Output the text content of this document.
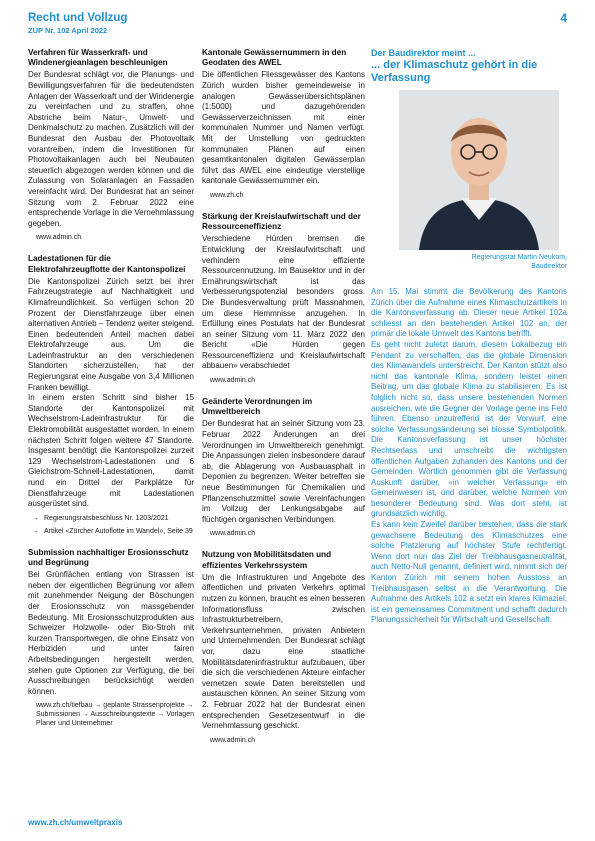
Recht und Vollzug
ZUP Nr. 102 April 2022
4
Verfahren für Wasserkraft- und Windenergieanlagen beschleunigen

Der Bundesrat schlägt vor, die Planungs- und Bewilligungsverfahren für die bedeutendsten Anlagen der Wasserkraft und der Windenergie zu vereinfachen und zu straffen, ohne Abstriche beim Natur-, Umwelt- und Denkmalschutz zu machen. Zusätzlich will der Bundesrat den Ausbau der Photovoltaik vorantreiben, indem die Investitionen für Photovoltaikanlagen auch bei Neubauten steuerlich abgezogen werden können und die Zulassung von Solaranlagen an Fassaden vereinfacht wird. Der Bundesrat hat an seiner Sitzung vom 2. Februar 2022 eine entsprechende Vorlage in die Vernehmlassung gegeben.

www.admin.ch
Ladestationen für die Elektrofahrzeugflotte der Kantonspolizei

Die Kantonspolizei Zürich setzt bei ihrer Fahrzeugstrategie auf Nachhaltigkeit und Klimafreundlichkeit. So verfügen schon 20 Prozent der Dienstfahrzeuge über einen alternativen Antrieb – Tendenz weiter steigend. Einen bedeutenden Anteil machen dabei Elektrofahrzeuge aus. Um die Ladeinfrastruktur an den verschiedenen Standorten sicherzustellen, hat der Regierungsrat eine Ausgabe von 3,4 Millionen Franken bewilligt.

In einem ersten Schritt sind bisher 15 Standorte der Kantonspolizei mit Wechselstrom-Ladeinfrastruktur für die Elektromobilität ausgestattet worden. In einem nächsten Schritt folgen weitere 47 Standorte. Insgesamt benötigt die Kantonspolizei zurzeit 129 Wechselstrom-Ladestationen und 6 Gleichstrom-Schnell-Ladestationen, damit rund ein Drittel der Parkplätze für Dienstfahrzeuge mit Ladestationen ausgerüstet sind.

→ Regierungsratsbeschluss Nr. 1203/2021
→ Artikel «Zürcher Autoflotte im Wandel», Seite 39
Submission nachhaltiger Erosionsschutz und Begrünung

Bei Grünflächen entlang von Strassen ist neben der eigentlichen Begrünung vor allem mit zunehmender Neigung der Böschungen der Erosionsschutz von massgebender Bedeutung. Mit Erosionsschutzprodukten aus Schweizer Holzwolle- oder Bio-Stroh mit kurzen Transportwegen, die ohne Einsatz von Herbiziden und unter fairen Arbeitsbedingungen hergestellt werden, stehen gute Optionen zur Verfügung, die bei Ausschreibungen berücksichtigt werden können.

www.zh.ch/tiefbau → geplante Strassenprojekte → Submissionen → Ausschreibungstexte → Vorlagen Planer und Unternehmer
Kantonale Gewässernummern in den Geodaten des AWEL

Die öffentlichen Fliessgewässer des Kantons Zürich wurden bisher gemeindeweise in analogen Gewässerübersichtsplänen (1:5000) und dazugehörenden Gewässerverzeichnissen mit einer kommunalen Nummer und Namen verfügt. Mit der Umstellung von gedruckten kommunalen Plänen auf einen gesamtkantonalen digitalen Gewässerplan führt das AWEL eine eindeutige vierstellige kantonale Gewässernummer ein.

www.zh.ch
Stärkung der Kreislaufwirtschaft und der Ressourceneffizienz

Verschiedene Hürden bremsen die Entwicklung der Kreislaufwirtschaft und verhindern eine effiziente Ressourcennutzung. Im Bausektor und in der Ernährungswirtschaft ist das Verbesserungspotenzial besonders gross. Die Bundesverwaltung prüft Massnahmen, um diese Hemmnisse anzugehen. In Erfüllung eines Postulats hat der Bundesrat an seiner Sitzung vom 11. März 2022 den Bericht «Die Hürden gegen Ressourceneffizienz und Kreislaufwirtschaft abbauen» verabschiedet

www.admin.ch
Geänderte Verordnungen im Umweltbereich

Der Bundesrat hat an seiner Sitzung vom 23. Februar 2022 Änderungen an drei Verordnungen im Umweltbereich genehmigt. Die Anpassungen zielen insbesondere darauf ab, die Ablagerung von Ausbauasphalt in Deponien zu begrenzen. Weiter betreffen sie neue Bestimmungen für Chemikalien und Pflanzenschutzmittel sowie Vereinfachungen im Vollzug der Lenkungsabgabe auf flüchtigen organischen Verbindungen.

www.admin.ch
Nutzung von Mobilitätsdaten und effizientes Verkehrssystem

Um die Infrastrukturen und Angebote des öffentlichen und privaten Verkehrs optimal nutzen zu können, braucht es einen besseren Informationsfluss zwischen Infrastrukturbetreibern, Verkehrsunternehmen, privaten Anbietern und Unternehmenden. Der Bundesrat schlägt vor, dazu eine staatliche Mobilitätsdateninfrastruktur aufzubauen, über die sich die verschiedenen Akteure einfacher vernetzen sowie Daten bereitstellen und austauschen können. An seiner Sitzung vom 2. Februar 2022 hat der Bundesrat einen entsprechenden Gesetzesentwurf in die Vernehmlassung geschickt.

www.admin.ch
Der Baudirektor meint ...
... der Klimaschutz gehört in die Verfassung
Regierungsrat Martin Neukom,
Baudirektor

Am 15. Mai stimmt die Bevölkerung des Kantons Zürich über die Aufnahme eines Klimaschutzartikels in die Kantonsverfassung ab. Dieser neue Artikel 102a schliesst an den bestehenden Artikel 102 an, der primär die lokale Umwelt des Kantons betrifft.

Es geht nicht zuletzt darum, diesem Lokalbezug ein Pendant zu verschaffen, das die globale Dimension des Klimawandels unterstreicht. Der Kanton stützt also nicht das kantonale Klima, sondern leistet einen Beitrag, um das globale Klima zu stabilisieren. Es ist folglich nicht so, dass unsere bestehenden Normen ausreichen, wie die Gegner der Vorlage gerne ins Feld führen. Ebenso unzutreffend ist der Vorwurf, eine solche Verfassungsänderung sei blosse Symbolpolitik. Die Kantonsverfassung ist unser höchster Rechtserlass und umschreibt die wichtigsten öffentlichen Aufgaben zuhanden des Kantons und der Gemeinden. Wörtlich genommen gibt die Verfassung Auskunft darüber, «in welcher Verfassung» ein Gemeinwesen ist, und darüber, welche Normen von besonderer Bedeutung sind. Was dort steht, ist grundsätzlich wichtig.

Es kann kein Zweifel darüber bestehen, dass die stark gewachsene Bedeutung des Klimaschutzes eine solche Platzierung auf höchster Stufe rechtfertigt. Wenn dort nun das Ziel der Treibhausgasneutralität, auch Netto-Null genannt, definiert wird, nimmt sich der Kanton Zürich mit seinem hohen Ausstoss an Treibhausgasen selbst in die Verantwortung. Die Aufnahme des Artikels 102 a setzt ein klares Klimaziel, ist ein gemeinsames Commitment und schafft dadurch Planungssicherheit für Wirtschaft und Gesellschaft.

www.zh.ch/umweltpraxis
